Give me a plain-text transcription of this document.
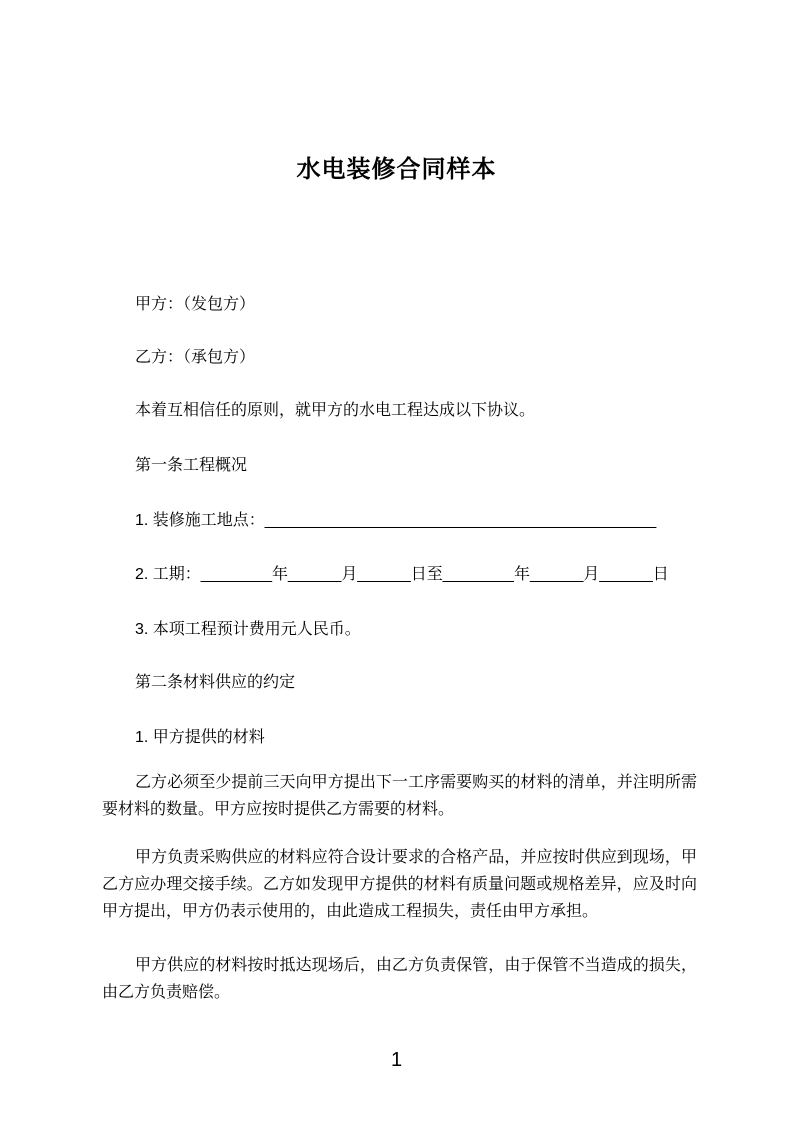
水电装修合同样本
甲方：（发包方）
乙方：（承包方）
本着互相信任的原则，就甲方的水电工程达成以下协议。
第一条工程概况
1. 装修施工地点：____________________________________________
2. 工期：________年______月______日至________年______月______日
3. 本项工程预计费用元人民币。
第二条材料供应的约定
1. 甲方提供的材料
乙方必须至少提前三天向甲方提出下一工序需要购买的材料的清单，并注明所需要材料的数量。甲方应按时提供乙方需要的材料。
甲方负责采购供应的材料应符合设计要求的合格产品，并应按时供应到现场，甲乙方应办理交接手续。乙方如发现甲方提供的材料有质量问题或规格差异，应及时向甲方提出，甲方仍表示使用的，由此造成工程损失，责任由甲方承担。
甲方供应的材料按时抵达现场后，由乙方负责保管，由于保管不当造成的损失，由乙方负责赔偿。
1
